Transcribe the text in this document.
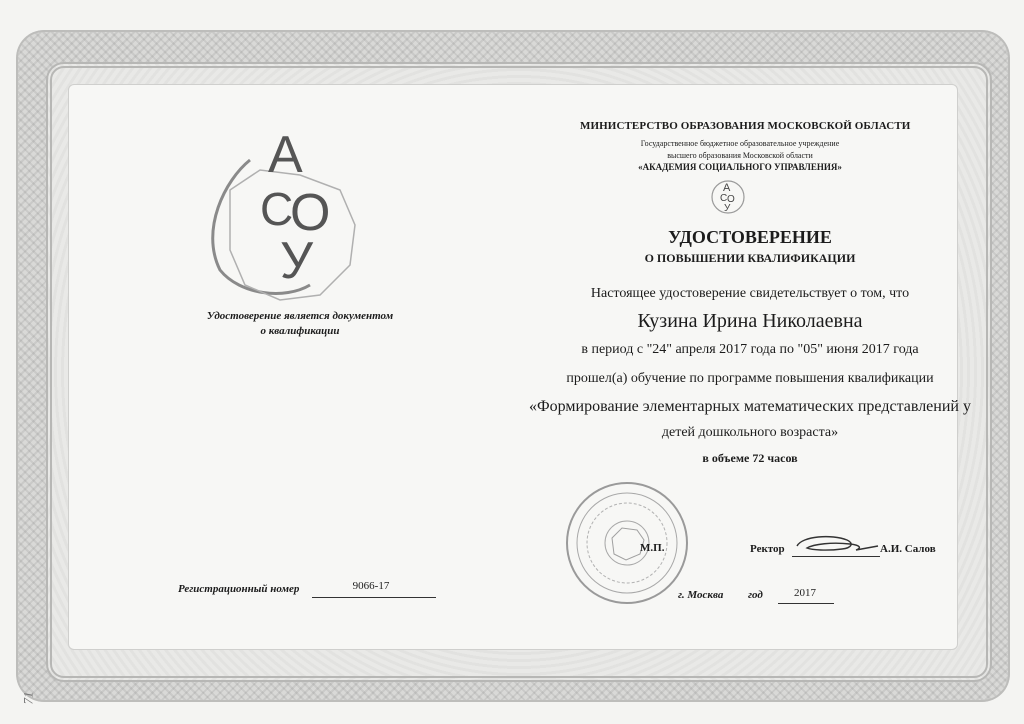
А
С
О
У
Удостоверение является документом
о квалификации
МИНИСТЕРСТВО ОБРАЗОВАНИЯ МОСКОВСКОЙ ОБЛАСТИ
Государственное бюджетное образовательное учреждение
высшего образования Московской области
«АКАДЕМИЯ СОЦИАЛЬНОГО УПРАВЛЕНИЯ»
А
С О
У
УДОСТОВЕРЕНИЕ
О ПОВЫШЕНИИ КВАЛИФИКАЦИИ
Настоящее удостоверение свидетельствует о том, что
Кузина Ирина Николаевна
в период с "24" апреля 2017 года по "05" июня 2017 года
прошел(а) обучение по программе повышения квалификации
«Формирование элементарных математических представлений у
детей дошкольного возраста»
в объеме 72 часов
Регистрационный номер	9066-17
М.П.	Ректор	А.И. Салов
г. Москва год	2017
71
